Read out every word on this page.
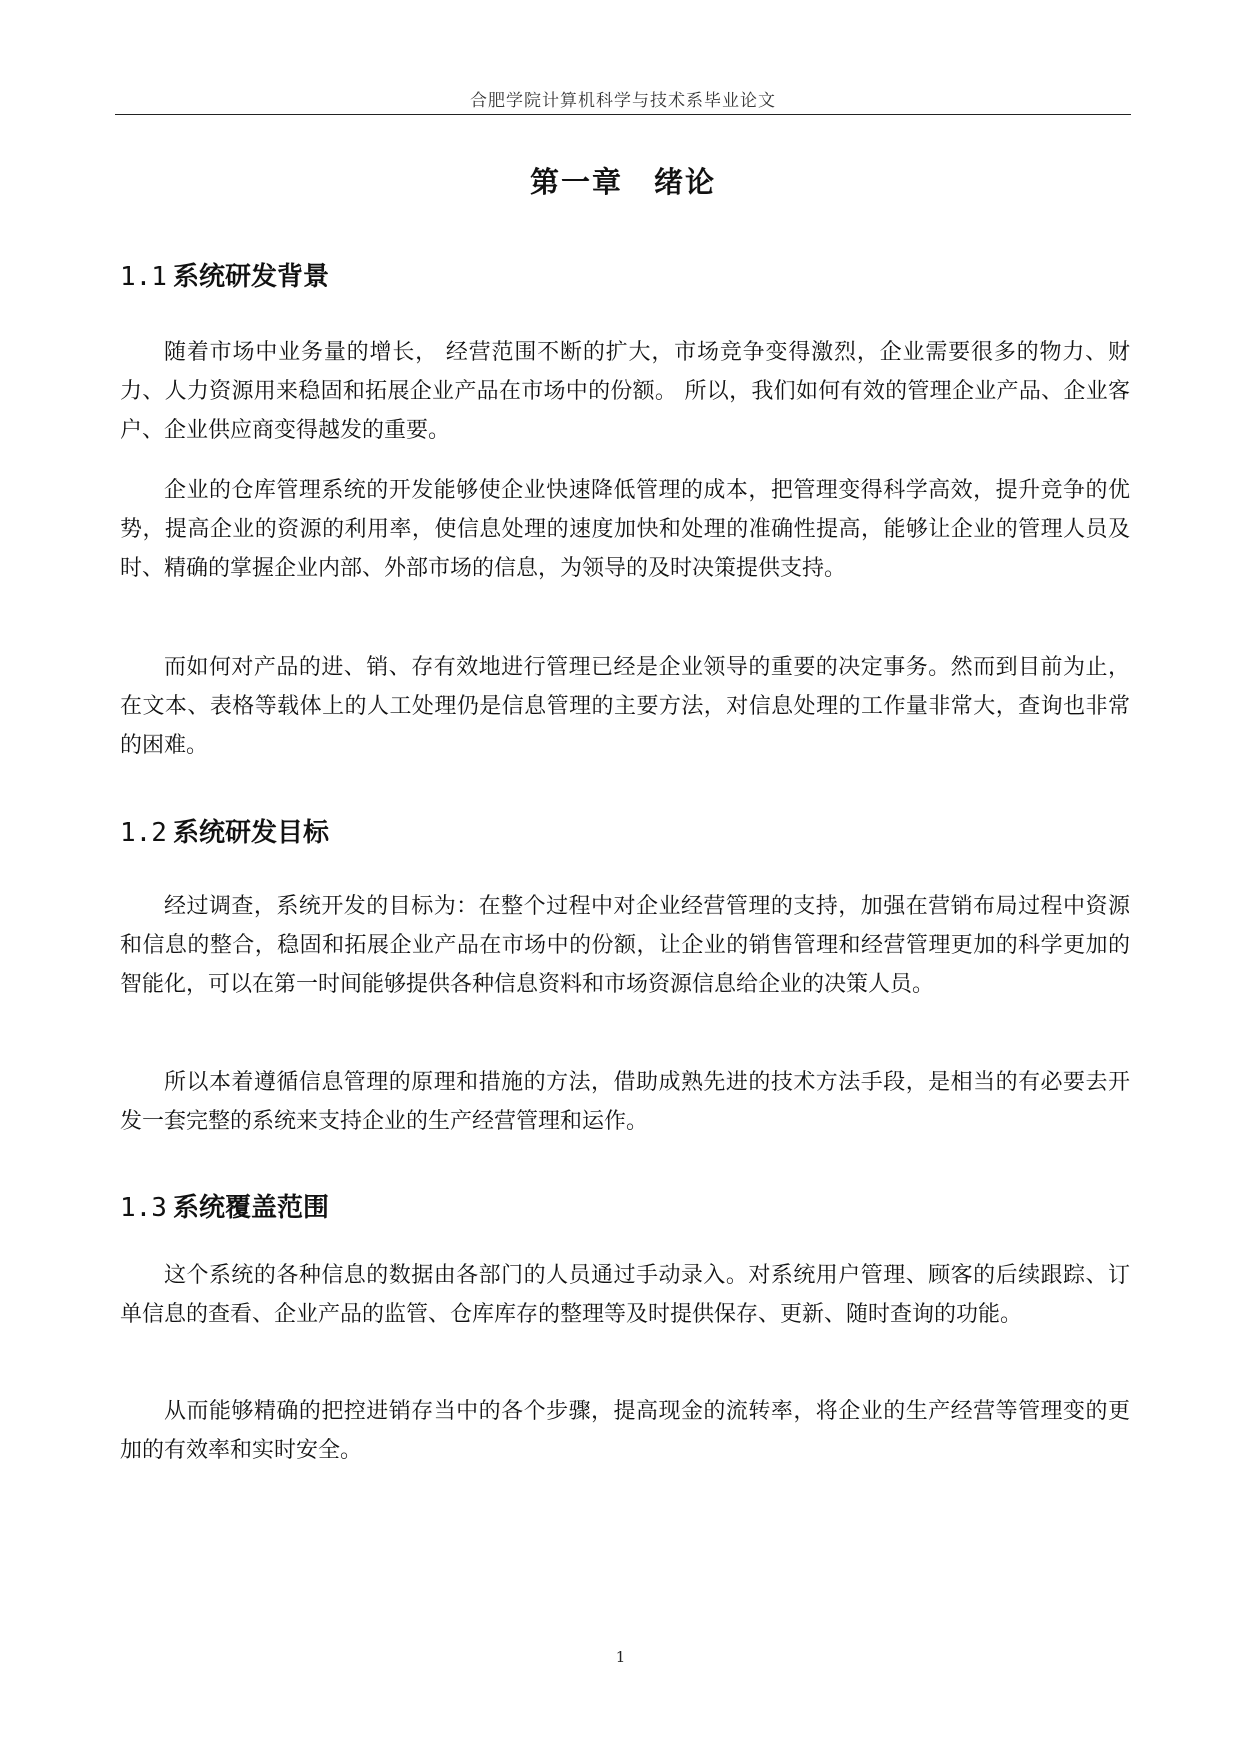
合肥学院计算机科学与技术系毕业论文
第一章　绪论
1.1 系统研发背景

随着市场中业务量的增长， 经营范围不断的扩大，市场竞争变得激烈，企业需要很多的物力、财力、人力资源用来稳固和拓展企业产品在市场中的份额。 所以，我们如何有效的管理企业产品、企业客户、企业供应商变得越发的重要。

企业的仓库管理系统的开发能够使企业快速降低管理的成本，把管理变得科学高效，提升竞争的优势，提高企业的资源的利用率，使信息处理的速度加快和处理的准确性提高，能够让企业的管理人员及时、精确的掌握企业内部、外部市场的信息，为领导的及时决策提供支持。

而如何对产品的进、销、存有效地进行管理已经是企业领导的重要的决定事务。然而到目前为止，在文本、表格等载体上的人工处理仍是信息管理的主要方法，对信息处理的工作量非常大，查询也非常的困难。

1.2 系统研发目标

经过调查，系统开发的目标为：在整个过程中对企业经营管理的支持，加强在营销布局过程中资源和信息的整合，稳固和拓展企业产品在市场中的份额，让企业的销售管理和经营管理更加的科学更加的智能化，可以在第一时间能够提供各种信息资料和市场资源信息给企业的决策人员。

所以本着遵循信息管理的原理和措施的方法，借助成熟先进的技术方法手段，是相当的有必要去开发一套完整的系统来支持企业的生产经营管理和运作。

1.3 系统覆盖范围

这个系统的各种信息的数据由各部门的人员通过手动录入。对系统用户管理、顾客的后续跟踪、订单信息的查看、企业产品的监管、仓库库存的整理等及时提供保存、更新、随时查询的功能。

从而能够精确的把控进销存当中的各个步骤，提高现金的流转率，将企业的生产经营等管理变的更加的有效率和实时安全。

1
